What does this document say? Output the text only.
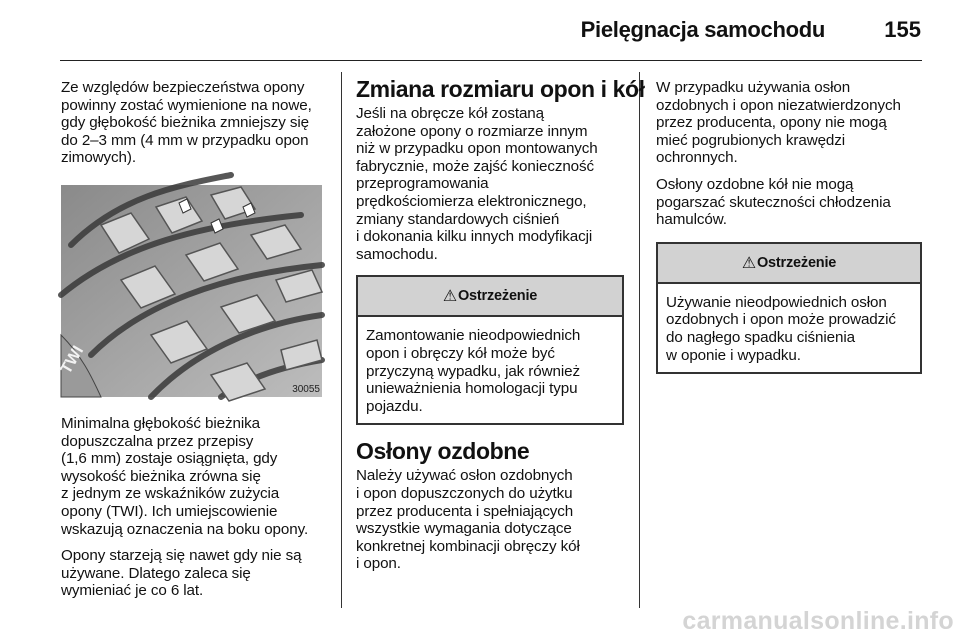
Pielęgnacja samochodu	155

Ze względów bezpieczeństwa opony
powinny zostać wymienione na nowe,
gdy głębokość bieżnika zmniejszy się
do 2–3 mm (4 mm w przypadku opon
zimowych).

TWI
30055

Minimalna głębokość bieżnika
dopuszczalna przez przepisy
(1,6 mm) zostaje osiągnięta, gdy
wysokość bieżnika zrówna się
z jednym ze wskaźników zużycia
opony (TWI). Ich umiejscowienie
wskazują oznaczenia na boku opony.

Opony starzeją się nawet gdy nie są
używane. Dlatego zaleca się
wymieniać je co 6 lat.

Zmiana rozmiaru opon i kół

Jeśli na obręcze kół zostaną
założone opony o rozmiarze innym
niż w przypadku opon montowanych
fabrycznie, może zajść konieczność
przeprogramowania
prędkościomierza elektronicznego,
zmiany standardowych ciśnień
i dokonania kilku innych modyfikacji
samochodu.

⚠ Ostrzeżenie

Zamontowanie nieodpowiednich
opon i obręczy kół może być
przyczyną wypadku, jak również
unieważnienia homologacji typu
pojazdu.

Osłony ozdobne

Należy używać osłon ozdobnych
i opon dopuszczonych do użytku
przez producenta i spełniających
wszystkie wymagania dotyczące
konkretnej kombinacji obręczy kół
i opon.

W przypadku używania osłon
ozdobnych i opon niezatwierdzonych
przez producenta, opony nie mogą
mieć pogrubionych krawędzi
ochronnych.

Osłony ozdobne kół nie mogą
pogarszać skuteczności chłodzenia
hamulców.

⚠ Ostrzeżenie

Używanie nieodpowiednich osłon
ozdobnych i opon może prowadzić
do nagłego spadku ciśnienia
w oponie i wypadku.

carmanualsonline.info
